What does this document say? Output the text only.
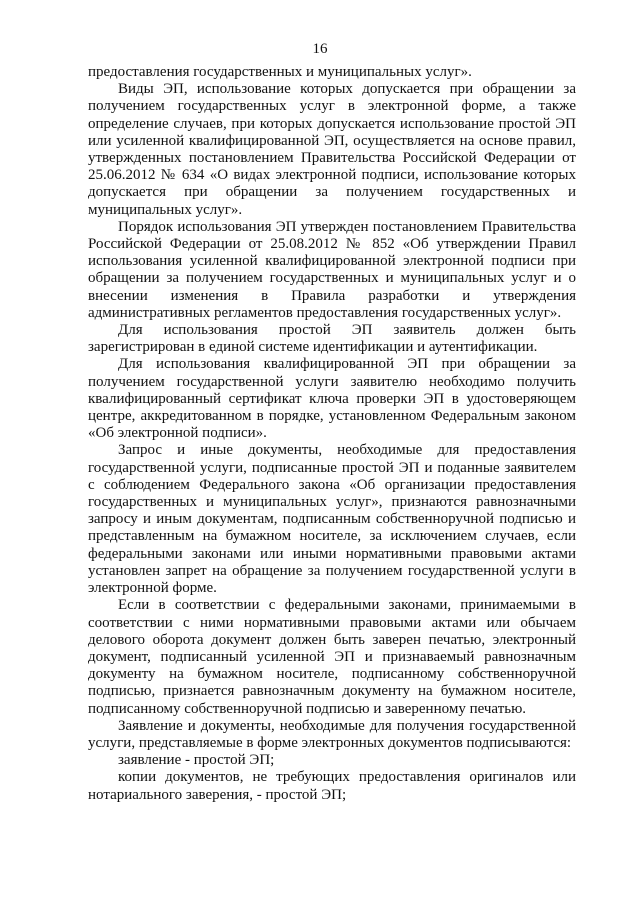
16

предоставления государственных и муниципальных услуг».

Виды ЭП, использование которых допускается при обращении за получением государственных услуг в электронной форме, а также определение случаев, при которых допускается использование простой ЭП или усиленной квалифицированной ЭП, осуществляется на основе правил, утвержденных постановлением Правительства Российской Федерации от 25.06.2012 № 634 «О видах электронной подписи, использование которых допускается при обращении за получением государственных и муниципальных услуг».

Порядок использования ЭП утвержден постановлением Правительства Российской Федерации от 25.08.2012 № 852 «Об утверждении Правил использования усиленной квалифицированной электронной подписи при обращении за получением государственных и муниципальных услуг и о внесении изменения в Правила разработки и утверждения административных регламентов предоставления государственных услуг».

Для использования простой ЭП заявитель должен быть зарегистрирован в единой системе идентификации и аутентификации.

Для использования квалифицированной ЭП при обращении за получением государственной услуги заявителю необходимо получить квалифицированный сертификат ключа проверки ЭП в удостоверяющем центре, аккредитованном в порядке, установленном Федеральным законом «Об электронной подписи».

Запрос и иные документы, необходимые для предоставления государственной услуги, подписанные простой ЭП и поданные заявителем с соблюдением Федерального закона «Об организации предоставления государственных и муниципальных услуг», признаются равнозначными запросу и иным документам, подписанным собственноручной подписью и представленным на бумажном носителе, за исключением случаев, если федеральными законами или иными нормативными правовыми актами установлен запрет на обращение за получением государственной услуги в электронной форме.

Если в соответствии с федеральными законами, принимаемыми в соответствии с ними нормативными правовыми актами или обычаем делового оборота документ должен быть заверен печатью, электронный документ, подписанный усиленной ЭП и признаваемый равнозначным документу на бумажном носителе, подписанному собственноручной подписью, признается равнозначным документу на бумажном носителе, подписанному собственноручной подписью и заверенному печатью.

Заявление и документы, необходимые для получения государственной услуги, представляемые в форме электронных документов подписываются:

заявление - простой ЭП;

копии документов, не требующих предоставления оригиналов или нотариального заверения, - простой ЭП;
